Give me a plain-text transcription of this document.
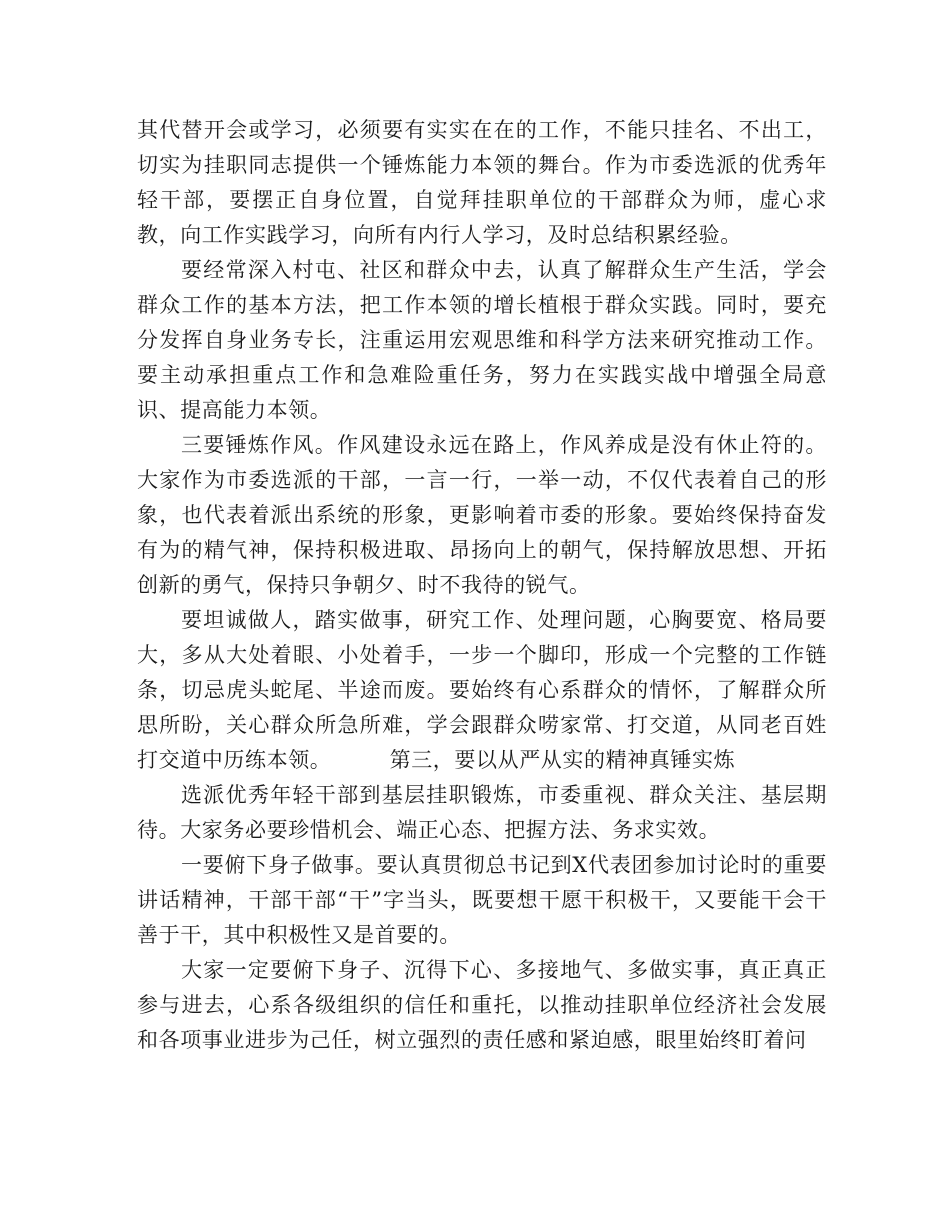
其代替开会或学习，必须要有实实在在的工作，不能只挂名、不出工，切实为挂职同志提供一个锤炼能力本领的舞台。作为市委选派的优秀年轻干部，要摆正自身位置，自觉拜挂职单位的干部群众为师，虚心求教，向工作实践学习，向所有内行人学习，及时总结积累经验。

要经常深入村屯、社区和群众中去，认真了解群众生产生活，学会群众工作的基本方法，把工作本领的增长植根于群众实践。同时，要充分发挥自身业务专长，注重运用宏观思维和科学方法来研究推动工作。要主动承担重点工作和急难险重任务，努力在实践实战中增强全局意识、提高能力本领。

三要锤炼作风。作风建设永远在路上，作风养成是没有休止符的。大家作为市委选派的干部，一言一行，一举一动，不仅代表着自己的形象，也代表着派出系统的形象，更影响着市委的形象。要始终保持奋发有为的精气神，保持积极进取、昂扬向上的朝气，保持解放思想、开拓创新的勇气，保持只争朝夕、时不我待的锐气。

要坦诚做人，踏实做事，研究工作、处理问题，心胸要宽、格局要大，多从大处着眼、小处着手，一步一个脚印，形成一个完整的工作链条，切忌虎头蛇尾、半途而废。要始终有心系群众的情怀，了解群众所思所盼，关心群众所急所难，学会跟群众唠家常、打交道，从同老百姓打交道中历练本领。        第三，要以从严从实的精神真锤实炼

选派优秀年轻干部到基层挂职锻炼，市委重视、群众关注、基层期待。大家务必要珍惜机会、端正心态、把握方法、务求实效。

一要俯下身子做事。要认真贯彻总书记到X代表团参加讨论时的重要讲话精神，干部干部“干”字当头，既要想干愿干积极干，又要能干会干善于干，其中积极性又是首要的。

大家一定要俯下身子、沉得下心、多接地气、多做实事，真正真正参与进去，心系各级组织的信任和重托，以推动挂职单位经济社会发展和各项事业进步为己任，树立强烈的责任感和紧迫感，眼里始终盯着问
